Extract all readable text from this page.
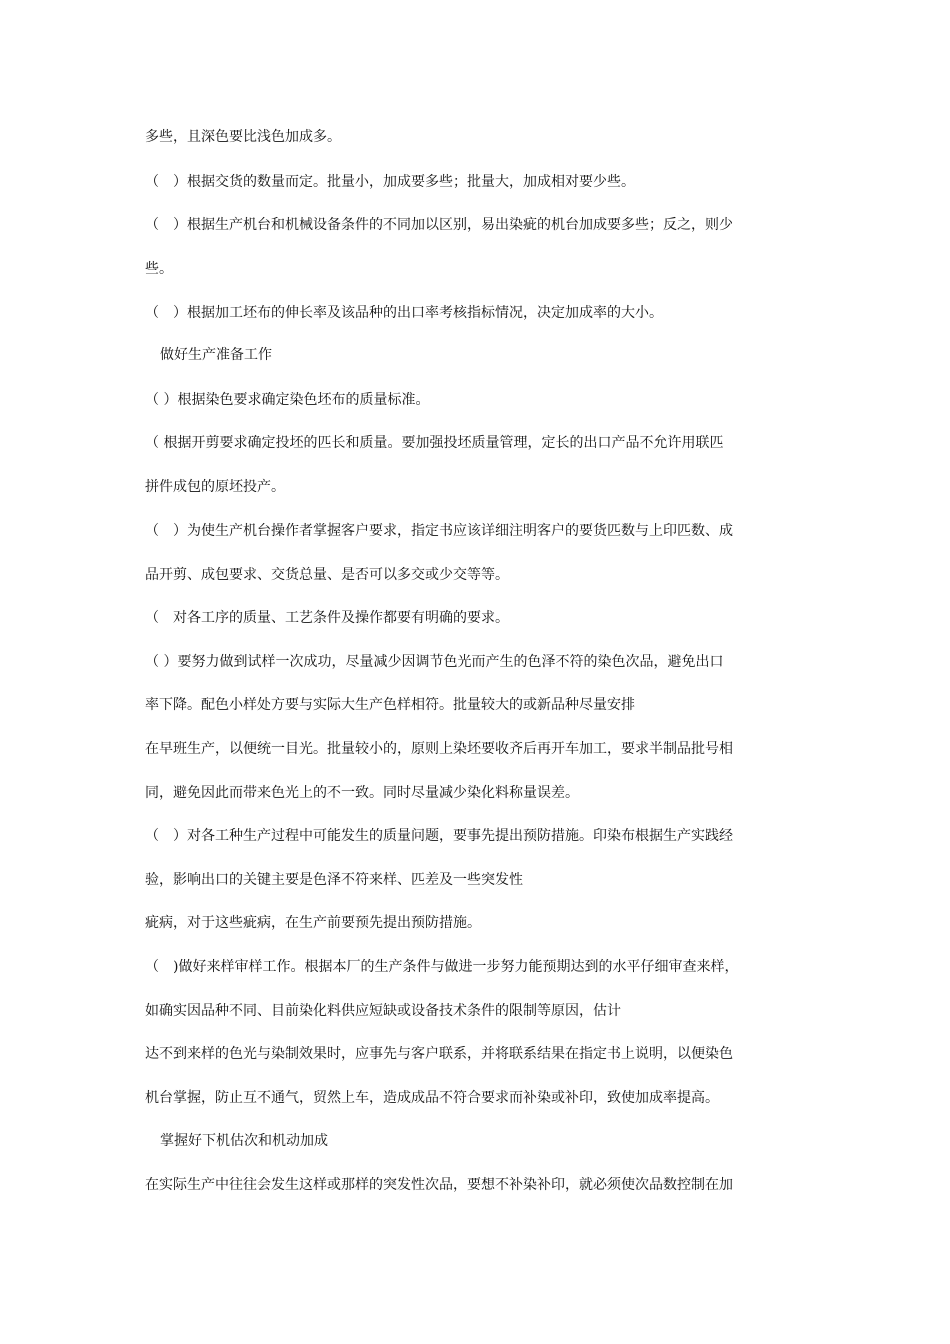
多些，且深色要比浅色加成多。
（　）根据交货的数量而定。批量小，加成要多些；批量大，加成相对要少些。
（　）根据生产机台和机械设备条件的不同加以区别，易出染疵的机台加成要多些；反之，则少
些。
（　）根据加工坯布的伸长率及该品种的出口率考核指标情况，决定加成率的大小。
做好生产准备工作
（ ）根据染色要求确定染色坯布的质量标准。
（ 根据开剪要求确定投坯的匹长和质量。要加强投坯质量管理，定长的出口产品不允许用联匹
拼件成包的原坯投产。
（　）为使生产机台操作者掌握客户要求，指定书应该详细注明客户的要货匹数与上印匹数、成
品开剪、成包要求、交货总量、是否可以多交或少交等等。
（　对各工序的质量、工艺条件及操作都要有明确的要求。
（ ）要努力做到试样一次成功，尽量减少因调节色光而产生的色泽不符的染色次品，避免出口
率下降。配色小样处方要与实际大生产色样相符。批量较大的或新品种尽量安排
在早班生产，以便统一目光。批量较小的，原则上染坯要收齐后再开车加工，要求半制品批号相
同，避免因此而带来色光上的不一致。同时尽量减少染化料称量误差。
（　）对各工种生产过程中可能发生的质量问题，要事先提出预防措施。印染布根据生产实践经
验，影响出口的关键主要是色泽不符来样、匹差及一些突发性
疵病，对于这些疵病，在生产前要预先提出预防措施。
（　)做好来样审样工作。根据本厂的生产条件与做进一步努力能预期达到的水平仔细审查来样，
如确实因品种不同、目前染化料供应短缺或设备技术条件的限制等原因，估计
达不到来样的色光与染制效果时，应事先与客户联系，并将联系结果在指定书上说明，以便染色
机台掌握，防止互不通气，贸然上车，造成成品不符合要求而补染或补印，致使加成率提高。
掌握好下机估次和机动加成
在实际生产中往往会发生这样或那样的突发性次品，要想不补染补印，就必须使次品数控制在加
